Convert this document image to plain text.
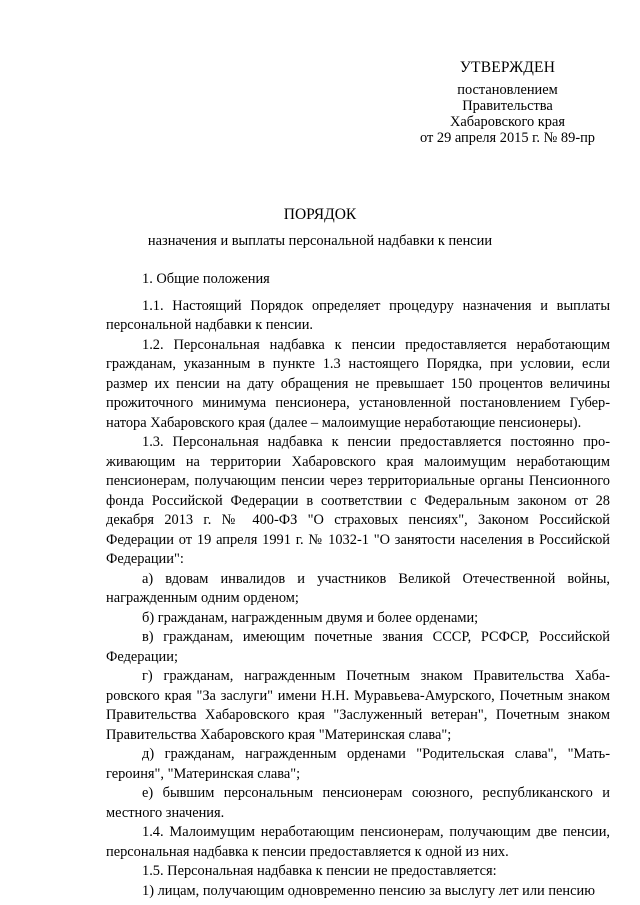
УТВЕРЖДЕН
постановлением
Правительства
Хабаровского края
от 29 апреля 2015 г. № 89-пр
ПОРЯДОК
назначения и выплаты персональной надбавки к пенсии

1. Общие положения

1.1. Настоящий Порядок определяет процедуру назначения и выплаты персональной надбавки к пенсии.

1.2. Персональная надбавка к пенсии предоставляется неработающим гражданам, указанным в пункте 1.3 настоящего Порядка, при условии, если размер их пенсии на дату обращения не превышает 150 процентов величины прожиточного минимума пенсионера, установленной постановлением Губернатора Хабаровского края (далее – малоимущие неработающие пенсионеры).

1.3. Персональная надбавка к пенсии предоставляется постоянно проживающим на территории Хабаровского края малоимущим неработающим пенсионерам, получающим пенсии через территориальные органы Пенсионного фонда Российской Федерации в соответствии с Федеральным законом от 28 декабря 2013 г. № 400-ФЗ "О страховых пенсиях", Законом Российской Федерации от 19 апреля 1991 г. № 1032-1 "О занятости населения в Российской Федерации":

а) вдовам инвалидов и участников Великой Отечественной войны, награжденным одним орденом;

б) гражданам, награжденным двумя и более орденами;

в) гражданам, имеющим почетные звания СССР, РСФСР, Российской Федерации;

г) гражданам, награжденным Почетным знаком Правительства Хабаровского края "За заслуги" имени Н.Н. Муравьева-Амурского, Почетным знаком Правительства Хабаровского края "Заслуженный ветеран", Почетным знаком Правительства Хабаровского края "Материнская слава";

д) гражданам, награжденным орденами "Родительская слава", "Мать-героиня", "Материнская слава";

е) бывшим персональным пенсионерам союзного, республиканского и местного значения.

1.4. Малоимущим неработающим пенсионерам, получающим две пенсии, персональная надбавка к пенсии предоставляется к одной из них.

1.5. Персональная надбавка к пенсии не предоставляется:

1) лицам, получающим одновременно пенсию за выслугу лет или пенсию
